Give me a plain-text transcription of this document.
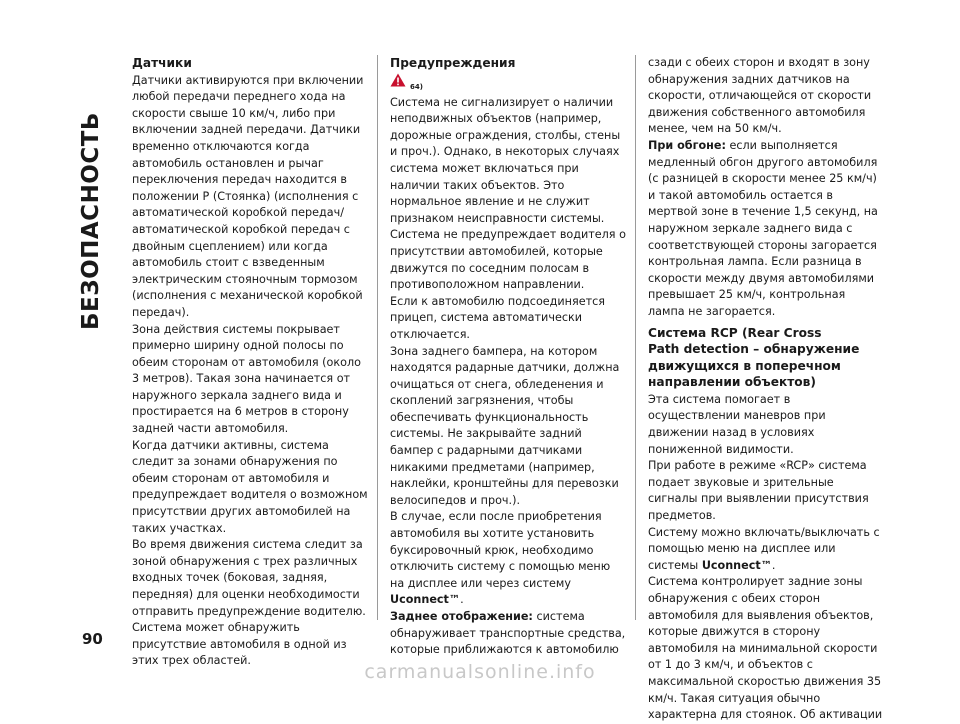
БЕЗОПАСНОСТЬ
90

Датчики

Датчики активируются при включении любой передачи переднего хода на скорости свыше 10 км/ч, либо при включении задней передачи. Датчики временно отключаются когда автомобиль остановлен и рычаг переключения передач находится в положении P (Стоянка) (исполнения с автоматической коробкой передач/автоматической коробкой передач с двойным сцеплением) или когда автомобиль стоит с взведенным электрическим стояночным тормозом (исполнения с механической коробкой передач).

Зона действия системы покрывает примерно ширину одной полосы по обеим сторонам от автомобиля (около 3 метров). Такая зона начинается от наружного зеркала заднего вида и простирается на 6 метров в сторону задней части автомобиля.

Когда датчики активны, система следит за зонами обнаружения по обеим сторонам от автомобиля и предупреждает водителя о возможном присутствии других автомобилей на таких участках.

Во время движения система следит за зоной обнаружения с трех различных входных точек (боковая, задняя, передняя) для оценки необходимости отправить предупреждение водителю. Система может обнаружить присутствие автомобиля в одной из этих трех областей.

Предупреждения

64)

Система не сигнализирует о наличии неподвижных объектов (например, дорожные ограждения, столбы, стены и проч.). Однако, в некоторых случаях система может включаться при наличии таких объектов. Это нормальное явление и не служит признаком неисправности системы.

Система не предупреждает водителя о присутствии автомобилей, которые движутся по соседним полосам в противоположном направлении.

Если к автомобилю подсоединяется прицеп, система автоматически отключается.

Зона заднего бампера, на котором находятся радарные датчики, должна очищаться от снега, обледенения и скоплений загрязнения, чтобы обеспечивать функциональность системы. Не закрывайте задний бампер с радарными датчиками никакими предметами (например, наклейки, кронштейны для перевозки велосипедов и проч.).

В случае, если после приобретения автомобиля вы хотите установить буксировочный крюк, необходимо отключить систему с помощью меню на дисплее или через систему Uconnect™.

Заднее отображение: система обнаруживает транспортные средства, которые приближаются к автомобилю

сзади с обеих сторон и входят в зону обнаружения задних датчиков на скорости, отличающейся от скорости движения собственного автомобиля менее, чем на 50 км/ч.

При обгоне: если выполняется медленный обгон другого автомобиля (с разницей в скорости менее 25 км/ч) и такой автомобиль остается в мертвой зоне в течение 1,5 секунд, на наружном зеркале заднего вида с соответствующей стороны загорается контрольная лампа. Если разница в скорости между двумя автомобилями превышает 25 км/ч, контрольная лампа не загорается.

Система RCP (Rear Cross
Path detection – обнаружение
движущихся в поперечном
направлении объектов)

Эта система помогает в осуществлении маневров при движении назад в условиях пониженной видимости.

При работе в режиме «RCP» система подает звуковые и зрительные сигналы при выявлении присутствия предметов.

Систему можно включать/выключать с помощью меню на дисплее или системы Uconnect™.

Система контролирует задние зоны обнаружения с обеих сторон автомобиля для выявления объектов, которые движутся в сторону автомобиля на минимальной скорости от 1 до 3 км/ч, и объектов с максимальной скоростью движения 35 км/ч. Такая ситуация обычно характерна для стоянок. Об активации

carmanualsonline.info
